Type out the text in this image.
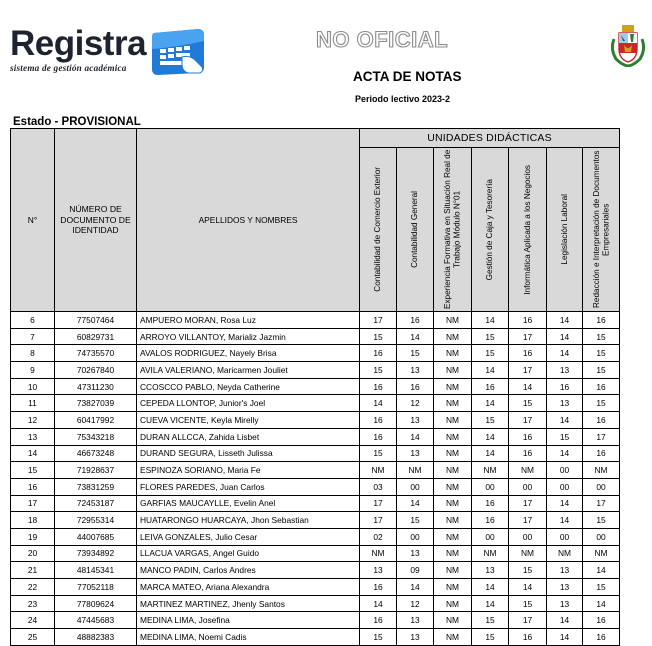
Registra
sistema de gestión académica
NO OFICIAL
ACTA DE NOTAS
Periodo lectivo 2023-2
Estado - PROVISIONAL
N°	NÚMERO DE DOCUMENTO DE IDENTIDAD	APELLIDOS Y NOMBRES	UNIDADES DIDÁCTICAS						

			Contabilidad de Comercio Exterior	Contabilidad General	Experiencia Formativa en Situación Real de Trabajo Módulo N°01	Gestión de Caja y Tesorería	Informática Aplicada a los Negocios	Legislación Laboral	Redacción e Interpretación de Documentos Empresariales

6	77507464	AMPUERO MORAN, Rosa Luz	17	16	NM	14	16	14	16
7	60829731	ARROYO VILLANTOY, Marializ Jazmin	15	14	NM	15	17	14	15
8	74735570	AVALOS RODRIGUEZ, Nayely Brisa	16	15	NM	15	16	14	15
9	70267840	AVILA VALERIANO, Maricarmen Jouliet	15	13	NM	14	17	13	15
10	47311230	CCOSCCO PABLO, Neyda Catherine	16	16	NM	16	14	16	16
11	73827039	CEPEDA LLONTOP, Junior's Joel	14	12	NM	14	15	13	15
12	60417992	CUEVA VICENTE, Keyla Mirelly	16	13	NM	15	17	14	16
13	75343218	DURAN ALLCCA, Zahida Lisbet	16	14	NM	14	16	15	17
14	46673248	DURAND SEGURA, Lisseth Julissa	15	13	NM	14	16	14	16
15	71928637	ESPINOZA SORIANO, Maria Fe	NM	NM	NM	NM	NM	00	NM
16	73831259	FLORES PAREDES, Juan Carlos	03	00	NM	00	00	00	00
17	72453187	GARFIAS MAUCAYLLE, Evelin Anel	17	14	NM	16	17	14	17
18	72955314	HUATARONGO HUARCAYA, Jhon Sebastian	17	15	NM	16	17	14	15
19	44007685	LEIVA GONZALES, Julio Cesar	02	00	NM	00	00	00	00
20	73934892	LLACUA VARGAS, Angel Guido	NM	13	NM	NM	NM	NM	NM
21	48145341	MANCO PADIN, Carlos Andres	13	09	NM	13	15	13	14
22	77052118	MARCA MATEO, Ariana Alexandra	16	14	NM	14	14	13	15
23	77809624	MARTINEZ MARTINEZ, Jhenly Santos	14	12	NM	14	15	13	14
24	47445683	MEDINA LIMA, Josefina	16	13	NM	15	17	14	16
25	48882383	MEDINA LIMA, Noemi Cadis	15	13	NM	15	16	14	16
